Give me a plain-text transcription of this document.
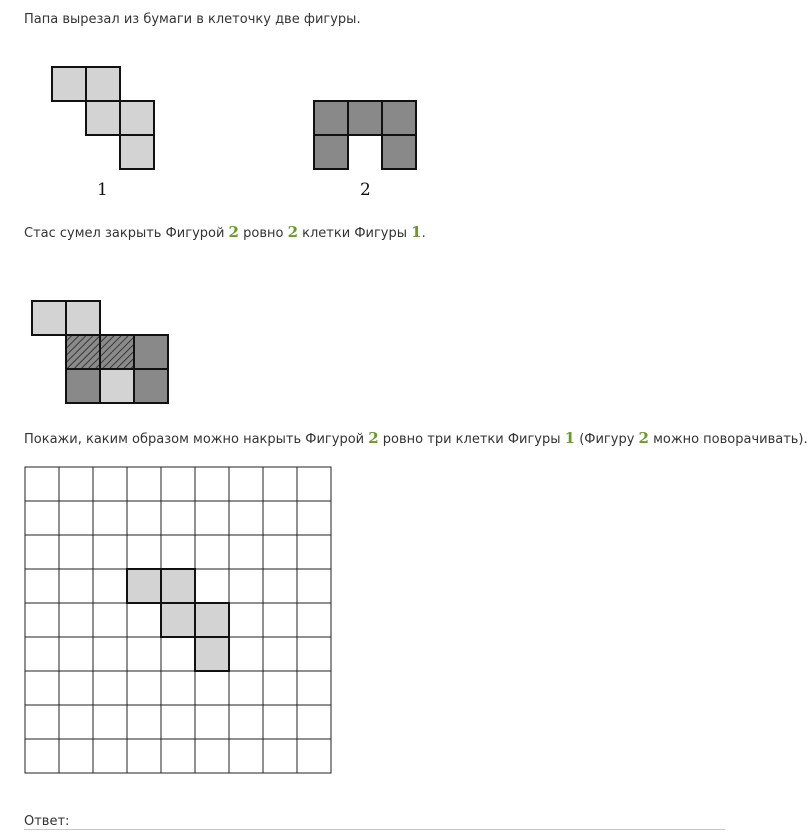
Папа вырезал из бумаги в клеточку две фигуры.
1	2
Стас сумел закрыть Фигурой 2 ровно 2 клетки Фигуры 1.
Покажи, каким образом можно накрыть Фигурой 2 ровно три клетки Фигуры 1 (Фигуру 2 можно поворачивать).
Ответ:
